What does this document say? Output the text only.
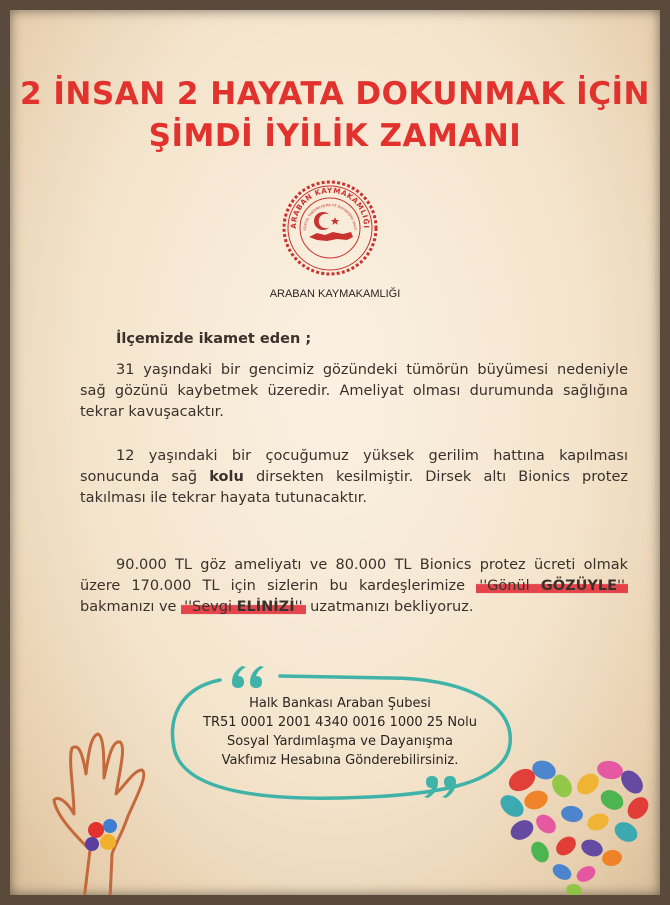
2 İNSAN 2 HAYATA DOKUNMAK İÇİN
ŞİMDİ İYİLİK ZAMANI
ARABAN KAYMAKAMLIĞI
SOSYAL YARDIMLAŞMA VE DAYANIŞMA VAKFI
ARABAN KAYMAKAMLIĞI
İlçemizde ikamet eden ;
31 yaşındaki bir gencimiz gözündeki tümörün büyümesi nedeniyle sağ gözünü kaybetmek üzeredir. Ameliyat olması durumunda sağlığına tekrar kavuşacaktır.
12 yaşındaki bir çocuğumuz yüksek gerilim hattına kapılması sonucunda sağ kolu dirsekten kesilmiştir. Dirsek altı Bionics protez takılması ile tekrar hayata tutunacaktır.
90.000 TL göz ameliyatı ve 80.000 TL Bionics protez ücreti olmak üzere 170.000 TL için sizlerin bu kardeşlerimize ''Gönül GÖZÜYLE'' bakmanızı ve ''Sevgi ELİNİZİ'' uzatmanızı bekliyoruz.
Halk Bankası Araban Şubesi
TR51 0001 2001 4340 0016 1000 25 Nolu
Sosyal Yardımlaşma ve Dayanışma
Vakfımız Hesabına Gönderebilirsiniz.
